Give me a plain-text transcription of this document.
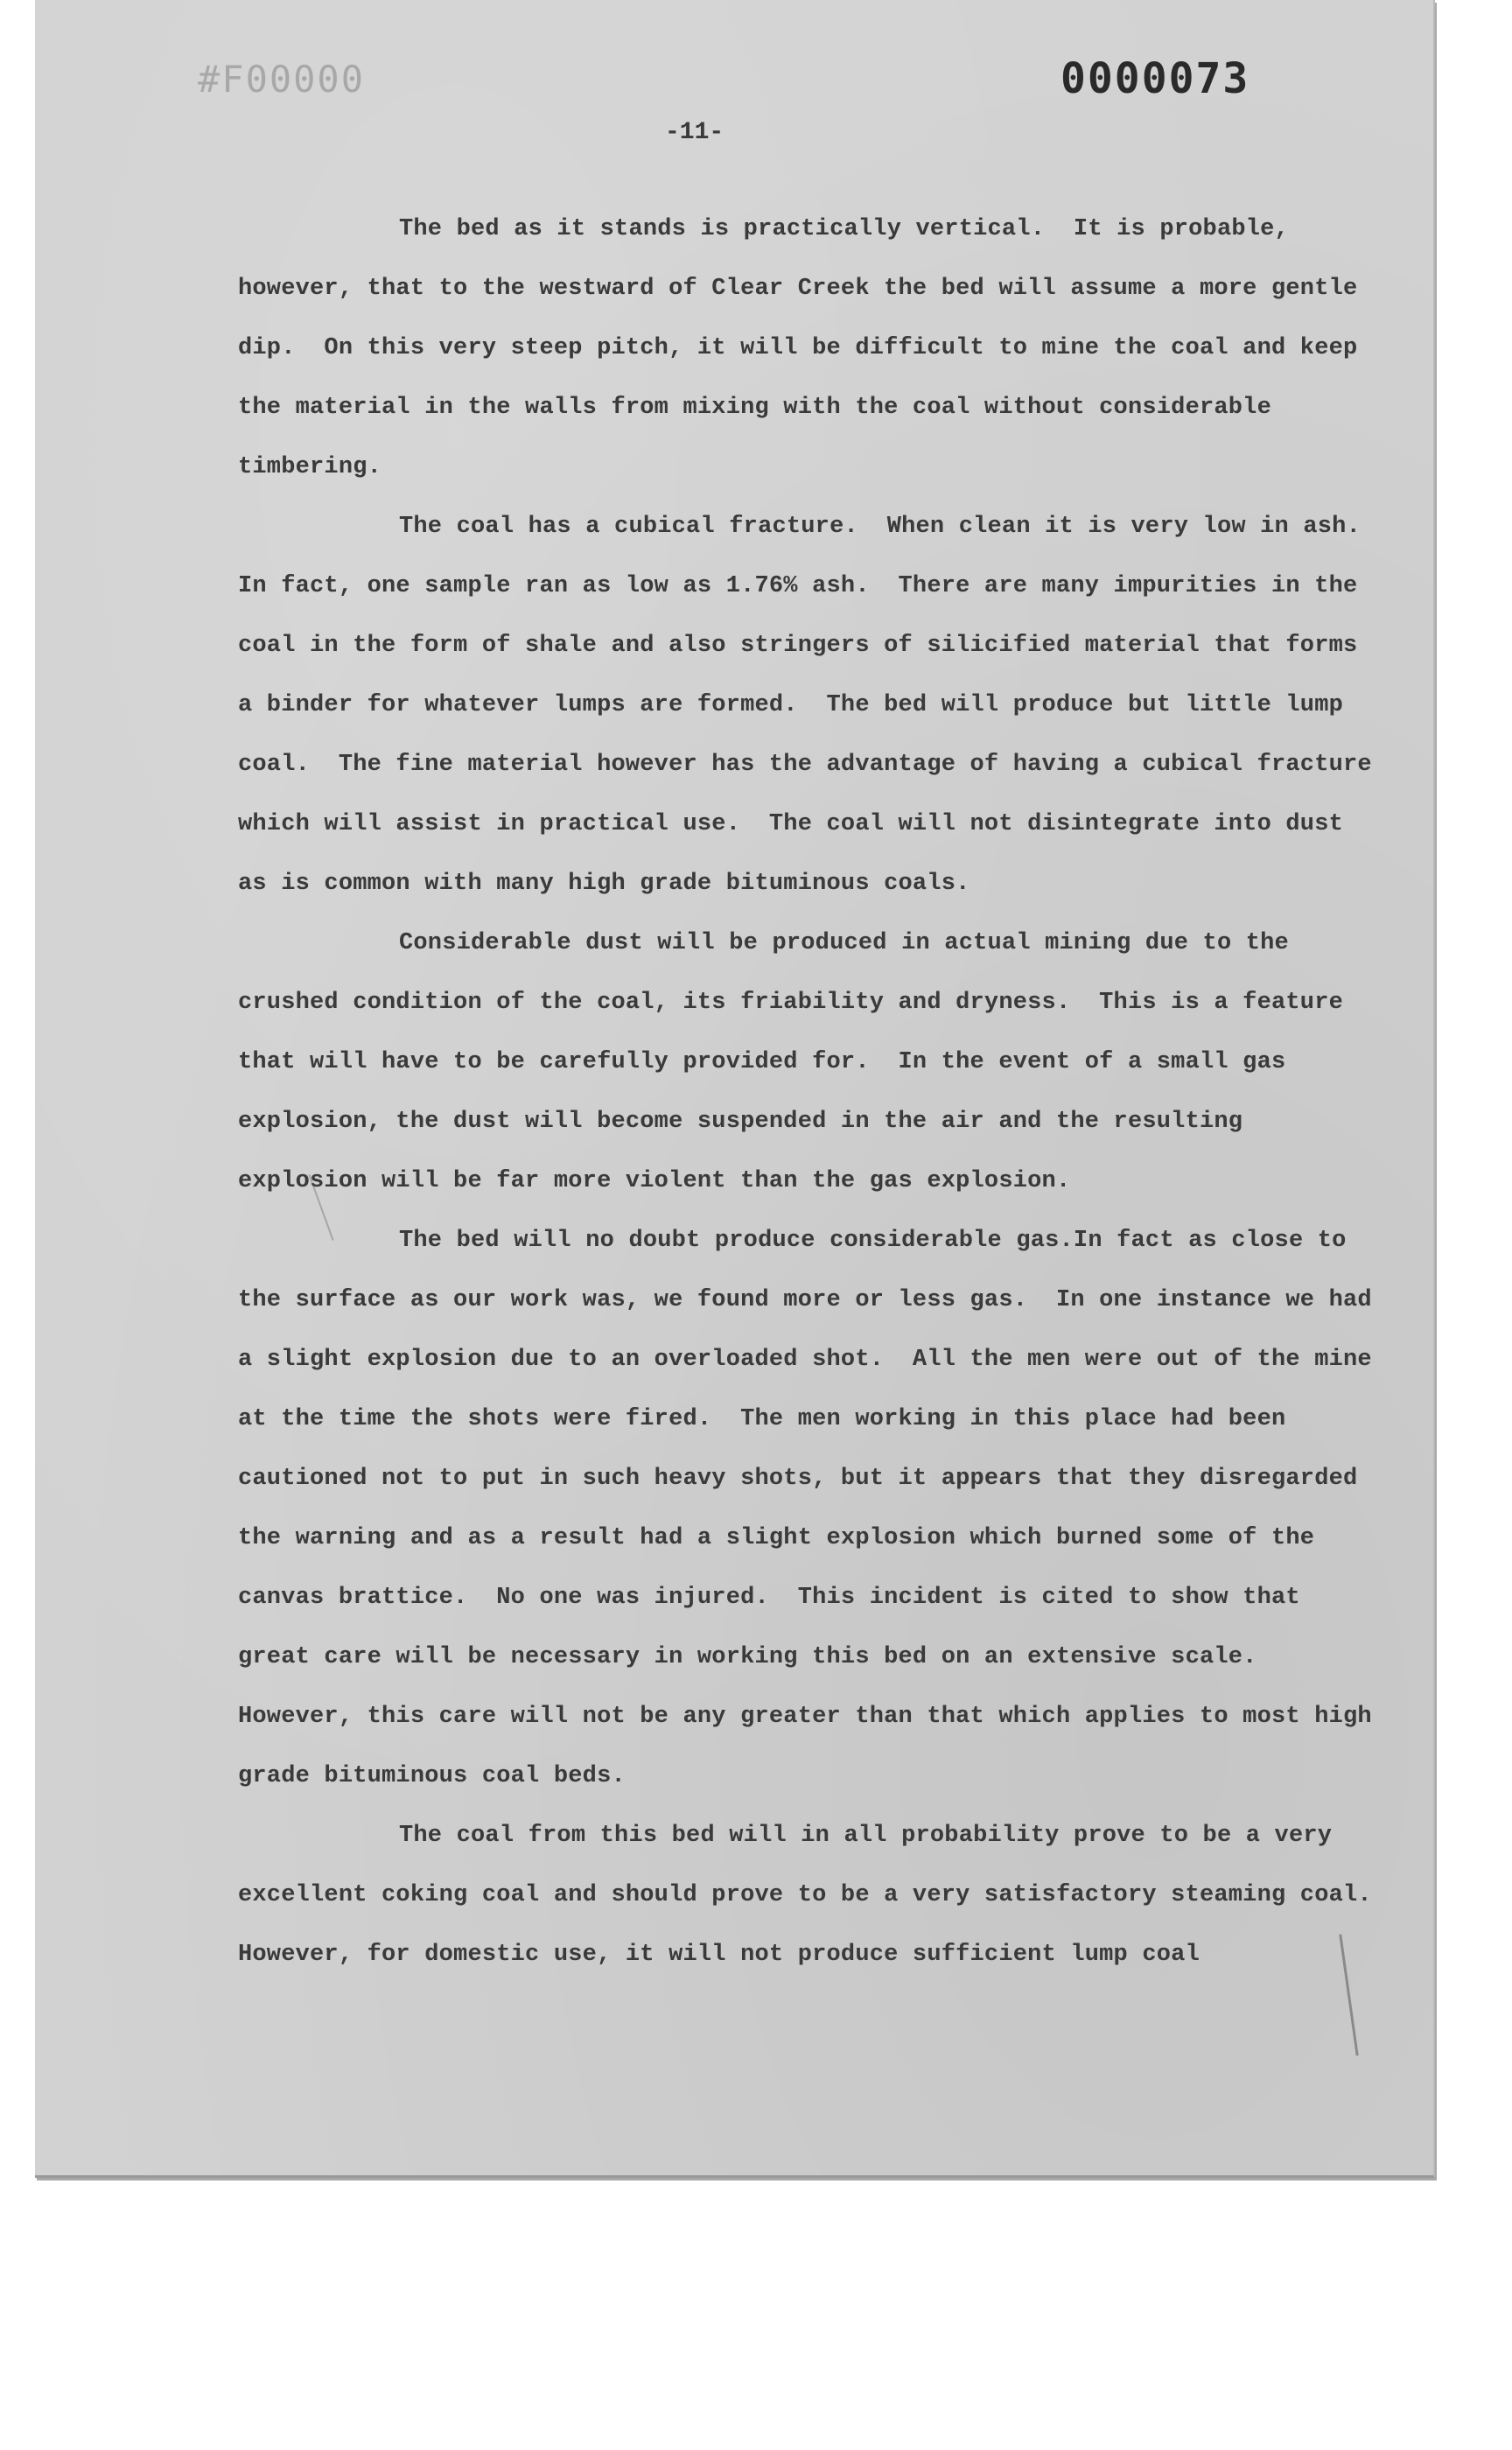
#F00000	0000073
-11-

The bed as it stands is practically vertical.  It is probable, however, that to the westward of Clear Creek the bed will assume a more gentle dip.  On this very steep pitch, it will be difficult to mine the coal and keep the material in the walls from mixing with the coal without considerable timbering.

The coal has a cubical fracture.  When clean it is very low in ash.  In fact, one sample ran as low as 1.76% ash.  There are many impurities in the coal in the form of shale and also stringers of silicified material that forms a binder for whatever lumps are formed.  The bed will produce but little lump coal.  The fine material however has the advantage of having a cubical fracture which will assist in practical use.  The coal will not disintegrate into dust as is common with many high grade bituminous coals.

Considerable dust will be produced in actual mining due to the crushed condition of the coal, its friability and dryness.  This is a feature that will have to be carefully provided for.  In the event of a small gas explosion, the dust will become suspended in the air and the resulting explosion will be far more violent than the gas explosion.

The bed will no doubt produce considerable gas.In fact as close to the surface as our work was, we found more or less gas.  In one instance we had a slight explosion due to an overloaded shot.  All the men were out of the mine at the time the shots were fired.  The men working in this place had been cautioned not to put in such heavy shots, but it appears that they disregarded the warning and as a result had a slight explosion which burned some of the canvas brattice.  No one was injured.  This incident is cited to show that great care will be necessary in working this bed on an extensive scale.  However, this care will not be any greater than that which applies to most high grade bituminous coal beds.

The coal from this bed will in all probability prove to be a very excellent coking coal and should prove to be a very satisfactory steaming coal.  However, for domestic use, it will not produce sufficient lump coal
